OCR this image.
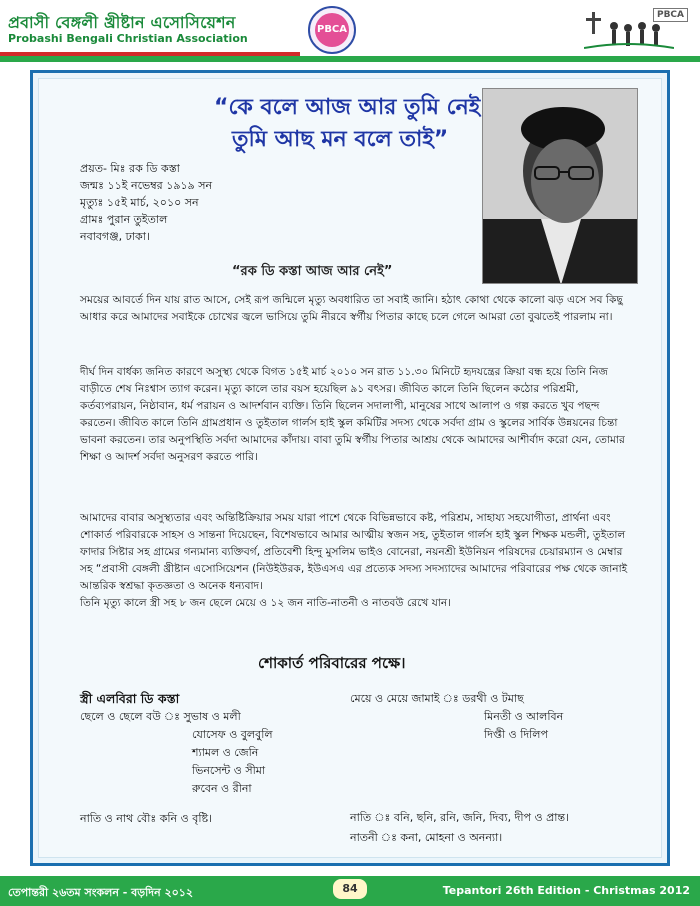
প্রবাসী বেঙ্গলী খ্রীষ্টান এসোসিয়েশন
Probashi Bengali Christian Association
PBCA
PBCA
“কে বলে আজ আর তুমি নেই
তুমি আছ মন বলে তাই”
প্রয়ত- মিঃ রক ডি কস্তা
জন্মঃ ১১ই নভেম্বর ১৯১৯ সন
মৃত্যুঃ ১৫ই মার্চ, ২০১০ সন
গ্রামঃ পুরান তুইতাল
নবাবগঞ্জ, ঢাকা।
“রক ডি কস্তা আজ আর নেই”
সময়ের আবর্তে দিন যায় রাত আসে, সেই রূপ জন্মিলে মৃত্যু অবধারিত তা সবাই জানি। হঠাৎ কোথা থেকে কালো ঝড় এসে সব কিছু আধার করে আমাদের সবাইকে চোখের জ্বলে ভাসিয়ে তুমি নীরবে স্বর্গীয় পিতার কাছে চলে গেলে আমরা তো বুঝতেই পারলাম না।
দীর্ঘ দিন বার্ধক্য জনিত কারণে অসুস্থ্য থেকে বিগত ১৫ই মার্চ ২০১০ সন রাত ১১.৩০ মিনিটে হৃদযন্ত্রের ক্রিয়া বন্ধ হয়ে তিনি নিজ বাড়ীতে শেষ নিঃশ্বাস ত্যাগ করেন। মৃত্যু কালে তার বয়স হয়েছিল ৯১ বৎসর। জীবিত কালে তিনি ছিলেন কঠোর পরিশ্রমী, কর্তব্যপরায়ন, নিষ্ঠাবান, ধর্ম পরায়ন ও আদর্শবান ব্যক্তি। তিনি ছিলেন সদালাপী, মানুষের সাথে আলাপ ও গল্প করতে খুব পছন্দ করতেন। জীবিত কালে তিনি গ্রামপ্রধান ও তুইতাল গার্লস হাই স্কুল কমিটির সদস্য থেকে সর্বদা গ্রাম ও স্কুলের সার্বিক উন্নয়নের চিন্তা ভাবনা করতেন। তার অনুপস্থিতি সর্বদা আমাদের কাঁদায়। বাবা তুমি স্বর্গীয় পিতার আশ্রয় থেকে আমাদের আশীর্বাদ করো যেন, তোমার শিক্ষা ও আদর্শ সর্বদা অনুসরণ করতে পারি।
আমাদের বাবার অসুস্থ্যতার এবং অন্তিষ্টিক্রিয়ার সময় যারা পাশে থেকে বিভিন্নভাবে কষ্ট, পরিশ্রম, সাহায্য সহযোগীতা, প্রার্থনা এবং শোকার্ত পরিবারকে সাহস ও সান্তনা দিয়েছেন, বিশেষভাবে আমার আত্মীয় স্বজন সহ, তুইতাল গার্লস হাই স্কুল শিক্ষক মন্ডলী, তুইতাল ফাদার সিষ্টার সহ গ্রামের গন্যমান্য ব্যক্তিবর্গ, প্রতিবেশী হিন্দু মুসলিম ভাইও বোনেরা, নয়নশ্রী ইউনিয়ন পরিষদের চেয়ারম্যান ও মেম্বার সহ “প্রবাসী বেঙ্গলী খ্রীষ্টান এসোসিয়েশন (নিউইউরক, ইউএসএ এর প্রত্যেক সদস্য সদস্যাদের আমাদের পরিবারের পক্ষ থেকে জানাই আন্তরিক স্বশ্রদ্ধা কৃতজ্ঞতা ও অনেক ধন্যবাদ।
তিনি মৃত্যু কালে স্ত্রী সহ ৮ জন ছেলে মেয়ে ও ১২ জন নাতি-নাতনী ও নাতবউ রেখে যান।
শোকার্ত পরিবারের পক্ষে।
স্ত্রী এলবিরা ডি কস্তা
ছেলে ও ছেলে বউ ঃ সুভাষ ও মলী
যোসেফ ও বুলবুলি
শ্যামল ও জেনি
ভিনসেন্ট ও সীমা
রুবেন ও রীনা
মেয়ে ও মেয়ে জামাই ঃ ডরথী ও টমাছ
মিনতী ও আলবিন
দিপ্তী ও দিলিপ
নাতি ও নাথ বৌঃ কনি ও বৃষ্টি।	নাতি ঃ বনি, ছনি, রনি, জনি, দিব্য, দীপ ও প্রান্ত।
নাতনী ঃ কনা, মোহনা ও অনন্যা।
তেপান্তরী ২৬তম সংকলন - বড়দিন ২০১২	84	Tepantori 26th Edition - Christmas 2012
